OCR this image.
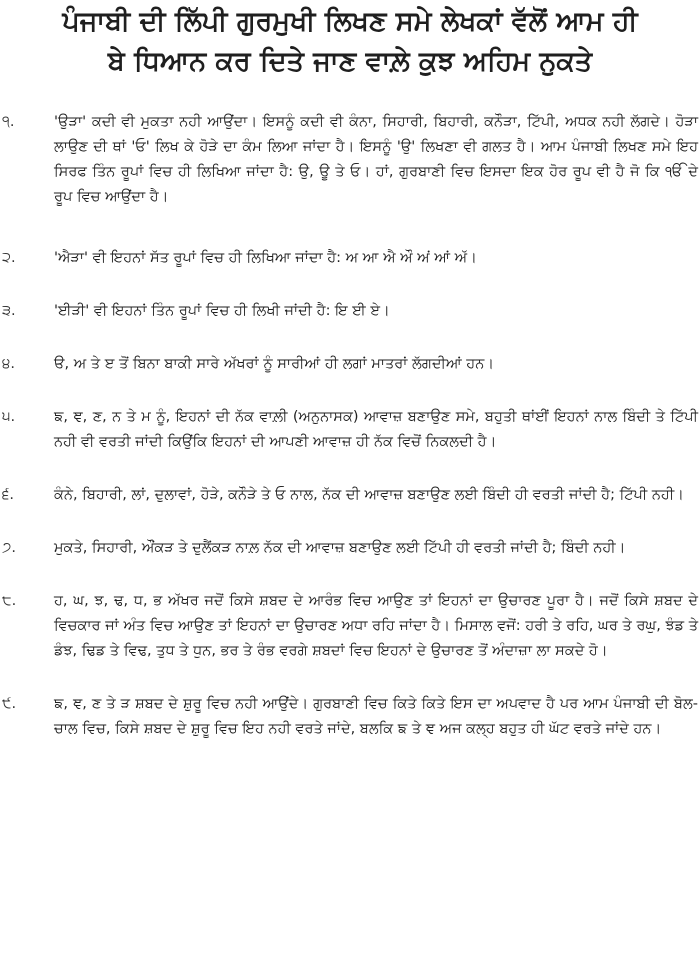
ਪੰਜਾਬੀ ਦੀ ਲਿੱਪੀ ਗੁਰਮੁਖੀ ਲਿਖਣ ਸਮੇ ਲੇਖਕਾਂ ਵੱਲੋਂ ਆਮ ਹੀ
ਬੇ ਧਿਆਨ ਕਰ ਦਿਤੇ ਜਾਣ ਵਾਲ਼ੇ ਕੁਝ ਅਹਿਮ ਨੁਕਤੇ
੧.	'ਉੜਾ' ਕਦੀ ਵੀ ਮੁਕਤਾ ਨਹੀ ਆਉਂਦਾ। ਇਸਨੂੰ ਕਦੀ ਵੀ ਕੰਨਾ, ਸਿਹਾਰੀ, ਬਿਹਾਰੀ, ਕਨੌੜਾ, ਟਿੱਪੀ, ਅਧਕ ਨਹੀ ਲੱਗਦੇ। ਹੋੜਾ ਲਾਉਣ ਦੀ ਥਾਂ 'ਓ' ਲਿਖ ਕੇ ਹੋੜੇ ਦਾ ਕੰਮ ਲਿਆ ਜਾਂਦਾ ਹੈ। ਇਸਨੂੰ 'ਉ' ਲਿਖਣਾ ਵੀ ਗਲਤ ਹੈ। ਆਮ ਪੰਜਾਬੀ ਲਿਖਣ ਸਮੇ ਇਹ ਸਿਰਫ ਤਿੰਨ ਰੂਪਾਂ ਵਿਚ ਹੀ ਲਿਖਿਆ ਜਾਂਦਾ ਹੈ: ਉ, ਊ ਤੇ ਓ। ਹਾਂ, ਗੁਰਬਾਣੀ ਵਿਚ ਇਸਦਾ ਇਕ ਹੋਰ ਰੂਪ ਵੀ ਹੈ ਜੋ ਕਿ ੴ ਦੇ ਰੂਪ ਵਿਚ ਆਉਂਦਾ ਹੈ।
੨.	'ਐੜਾ' ਵੀ ਇਹਨਾਂ ਸੱਤ ਰੂਪਾਂ ਵਿਚ ਹੀ ਲਿਖਿਆ ਜਾਂਦਾ ਹੈ: ਅ ਆ ਐ ਔ ਅਂ ਆਂ ਅੱ।
੩.	'ਈੜੀ' ਵੀ ਇਹਨਾਂ ਤਿੰਨ ਰੂਪਾਂ ਵਿਚ ਹੀ ਲਿਖੀ ਜਾਂਦੀ ਹੈ: ਇ ਈ ਏ।
੪.	ੳ, ਅ ਤੇ ੲ ਤੋਂ ਬਿਨਾ ਬਾਕੀ ਸਾਰੇ ਅੱਖਰਾਂ ਨੂੰ ਸਾਰੀਆਂ ਹੀ ਲਗਾਂ ਮਾਤਰਾਂ ਲੱਗਦੀਆਂ ਹਨ।
੫.	ਙ, ਞ, ਣ, ਨ ਤੇ ਮ ਨੂੰ, ਇਹਨਾਂ ਦੀ ਨੱਕ ਵਾਲ਼ੀ (ਅਨੁਨਾਸਕ) ਆਵਾਜ਼ ਬਣਾਉਣ ਸਮੇ, ਬਹੁਤੀ ਥਾਂਈਂ ਇਹਨਾਂ ਨਾਲ ਬਿੰਦੀ ਤੇ ਟਿੱਪੀ ਨਹੀ ਵੀ ਵਰਤੀ ਜਾਂਦੀ ਕਿਉਂਕਿ ਇਹਨਾਂ ਦੀ ਆਪਣੀ ਆਵਾਜ਼ ਹੀ ਨੱਕ ਵਿਚੋਂ ਨਿਕਲਦੀ ਹੈ।
੬.	ਕੰਨੇ, ਬਿਹਾਰੀ, ਲਾਂ, ਦੁਲਾਵਾਂ, ਹੋੜੇ, ਕਨੌੜੇ ਤੇ ਓ ਨਾਲ, ਨੱਕ ਦੀ ਆਵਾਜ਼ ਬਣਾਉਣ ਲਈ ਬਿੰਦੀ ਹੀ ਵਰਤੀ ਜਾਂਦੀ ਹੈ; ਟਿੱਪੀ ਨਹੀ।
੭.	ਮੁਕਤੇ, ਸਿਹਾਰੀ, ਔਂਕੜ ਤੇ ਦੁਲੈਂਕੜ ਨਾਲ਼ ਨੱਕ ਦੀ ਆਵਾਜ਼ ਬਣਾਉਣ ਲਈ ਟਿੱਪੀ ਹੀ ਵਰਤੀ ਜਾਂਦੀ ਹੈ; ਬਿੰਦੀ ਨਹੀ।
੮.	ਹ, ਘ, ਝ, ਢ, ਧ, ਭ ਅੱਖਰ ਜਦੋਂ ਕਿਸੇ ਸ਼ਬਦ ਦੇ ਆਰੰਭ ਵਿਚ ਆਉਣ ਤਾਂ ਇਹਨਾਂ ਦਾ ਉਚਾਰਣ ਪੂਰਾ ਹੈ। ਜਦੋਂ ਕਿਸੇ ਸ਼ਬਦ ਦੇ ਵਿਚਕਾਰ ਜਾਂ ਅੰਤ ਵਿਚ ਆਉਣ ਤਾਂ ਇਹਨਾਂ ਦਾ ਉਚਾਰਣ ਅਧਾ ਰਹਿ ਜਾਂਦਾ ਹੈ। ਮਿਸਾਲ ਵਜੋਂ: ਹਰੀ ਤੇ ਰਹਿ, ਘਰ ਤੇ ਰਘੁ, ਝੰਡ ਤੇ ਡੰਝ, ਢਿਡ ਤੇ ਵਿਢ, ਤੁਧ ਤੇ ਧੁਨ, ਭਰ ਤੇ ਰੰਭ ਵਰਗੇ ਸ਼ਬਦਾਂ ਵਿਚ ਇਹਨਾਂ ਦੇ ਉਚਾਰਣ ਤੋਂ ਅੰਦਾਜ਼ਾ ਲਾ ਸਕਦੇ ਹੋ।
੯.	ਙ, ਞ, ਣ ਤੇ ੜ ਸ਼ਬਦ ਦੇ ਸ਼ੁਰੂ ਵਿਚ ਨਹੀ ਆਉਂਦੇ। ਗੁਰਬਾਣੀ ਵਿਚ ਕਿਤੇ ਕਿਤੇ ਇਸ ਦਾ ਅਪਵਾਦ ਹੈ ਪਰ ਆਮ ਪੰਜਾਬੀ ਦੀ ਬੋਲ-ਚਾਲ ਵਿਚ, ਕਿਸੇ ਸ਼ਬਦ ਦੇ ਸ਼ੁਰੂ ਵਿਚ ਇਹ ਨਹੀ ਵਰਤੇ ਜਾਂਦੇ, ਬਲਕਿ ਙ ਤੇ ਞ ਅਜ ਕਲ੍ਹ ਬਹੁਤ ਹੀ ਘੱਟ ਵਰਤੇ ਜਾਂਦੇ ਹਨ।
